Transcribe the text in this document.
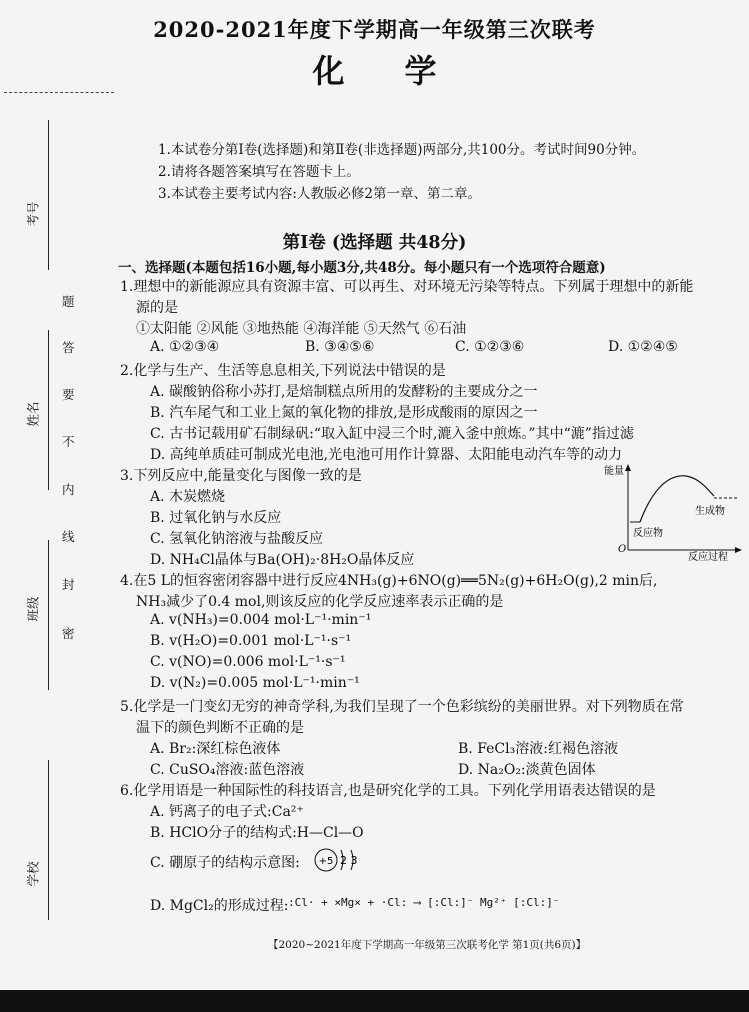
2020-2021年度下学期高一年级第三次联考
化学
考号
姓名
班级
学校
题
答
要
不
内
线
封
密
1.本试卷分第Ⅰ卷(选择题)和第Ⅱ卷(非选择题)两部分,共100分。考试时间90分钟。
2.请将各题答案填写在答题卡上。
3.本试卷主要考试内容:人教版必修2第一章、第二章。
第Ⅰ卷 (选择题 共48分)
一、选择题(本题包括16小题,每小题3分,共48分。每小题只有一个选项符合题意)
1.理想中的新能源应具有资源丰富、可以再生、对环境无污染等特点。下列属于理想中的新能
源的是
①太阳能 ②风能 ③地热能 ④海洋能 ⑤天然气 ⑥石油
A. ①②③④	B. ③④⑤⑥	C. ①②③⑥	D. ①②④⑤
2.化学与生产、生活等息息相关,下列说法中错误的是
A. 碳酸钠俗称小苏打,是焙制糕点所用的发酵粉的主要成分之一
B. 汽车尾气和工业上氮的氧化物的排放,是形成酸雨的原因之一
C. 古书记载用矿石制绿矾:“取入缸中浸三个时,漉入釜中煎炼。”其中“漉”指过滤
D. 高纯单质硅可制成光电池,光电池可用作计算器、太阳能电动汽车等的动力
3.下列反应中,能量变化与图像一致的是
A. 木炭燃烧
B. 过氧化钠与水反应
C. 氢氧化钠溶液与盐酸反应
D. NH₄Cl晶体与Ba(OH)₂·8H₂O晶体反应
能量
O
反应物
生成物
反应过程
4.在5 L的恒容密闭容器中进行反应4NH₃(g)+6NO(g)══5N₂(g)+6H₂O(g),2 min后,
NH₃减少了0.4 mol,则该反应的化学反应速率表示正确的是
A. v(NH₃)=0.004 mol·L⁻¹·min⁻¹
B. v(H₂O)=0.001 mol·L⁻¹·s⁻¹
C. v(NO)=0.006 mol·L⁻¹·s⁻¹
D. v(N₂)=0.005 mol·L⁻¹·min⁻¹
5.化学是一门变幻无穷的神奇学科,为我们呈现了一个色彩缤纷的美丽世界。对下列物质在常
温下的颜色判断不正确的是
A. Br₂:深红棕色液体	B. FeCl₃溶液:红褐色溶液
C. CuSO₄溶液:蓝色溶液	D. Na₂O₂:淡黄色固体
6.化学用语是一种国际性的科技语言,也是研究化学的工具。下列化学用语表达错误的是
A. 钙离子的电子式:Ca²⁺
B. HClO分子的结构式:H—Cl—O
C. 硼原子的结构示意图: +5 2 3
D. MgCl₂的形成过程: :Cl· + ×Mg× + ·Cl: ⟶ [:Cl:]⁻ Mg²⁺ [:Cl:]⁻
【2020~2021年度下学期高一年级第三次联考化学 第1页(共6页)】
